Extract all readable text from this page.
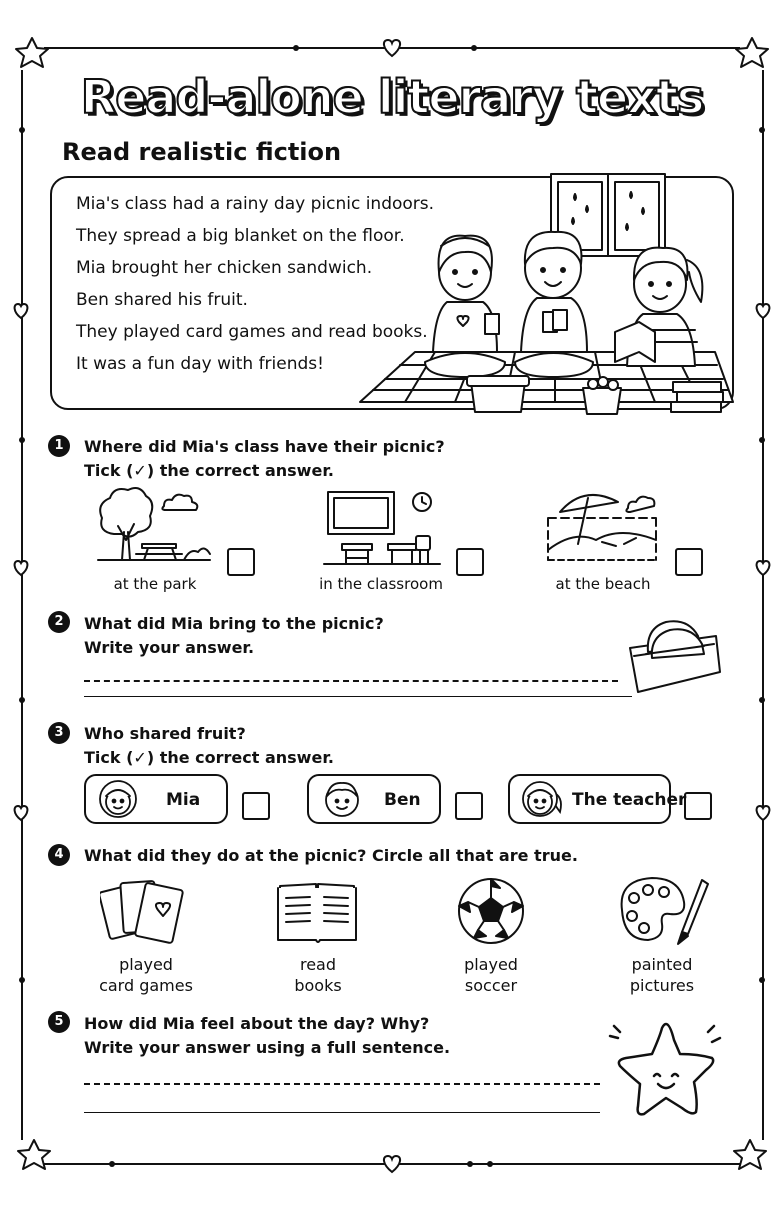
Read-alone literary texts
Read realistic fiction
Mia's class had a rainy day picnic indoors.
They spread a big blanket on the floor.
Mia brought her chicken sandwich.
Ben shared his fruit.
They played card games and read books.
It was a fun day with friends!
1	Where did Mia's class have their picnic?
Tick (✓) the correct answer.
at the park	in the classroom	at the beach
2	What did Mia bring to the picnic?
Write your answer.
3	Who shared fruit?
Tick (✓) the correct answer.
Mia	Ben	The teacher
4	What did they do at the picnic? Circle all that are true.
played
card games
read
books
played
soccer
painted
pictures
5	How did Mia feel about the day? Why?
Write your answer using a full sentence.
